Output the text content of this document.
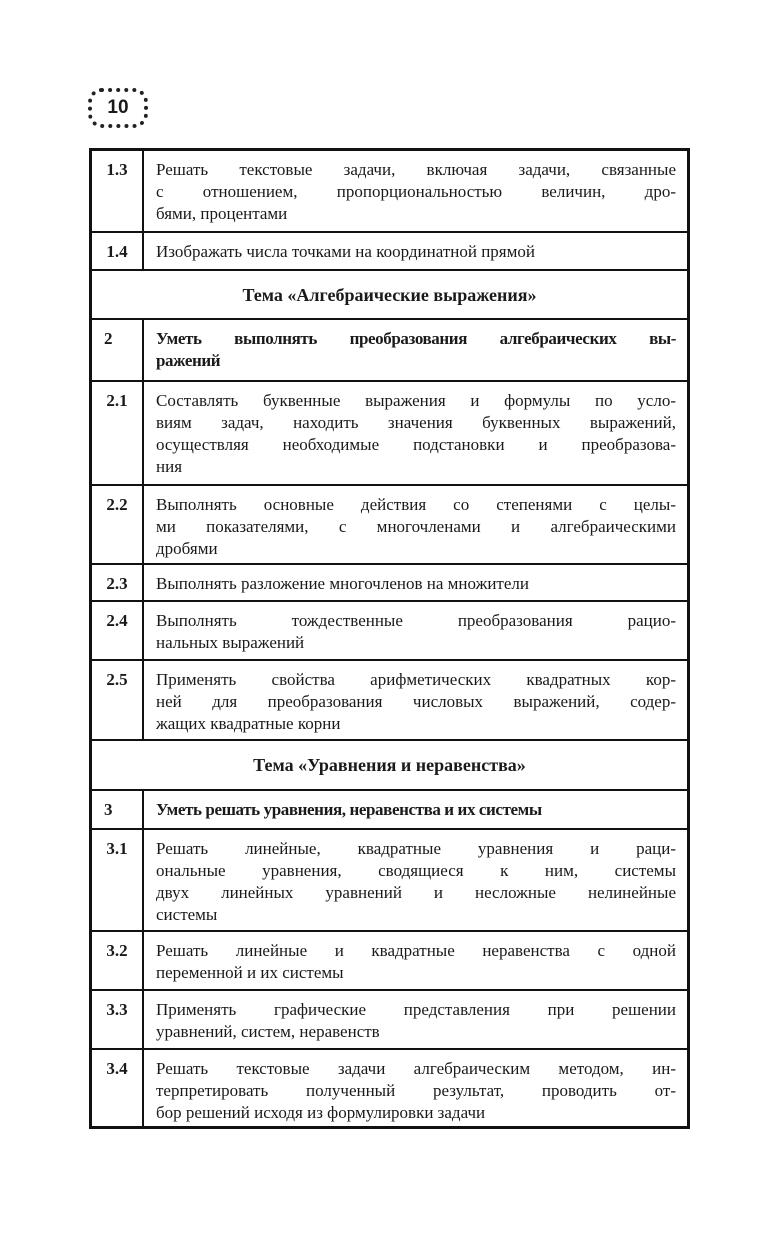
10
1.3	Решать текстовые задачи, включая задачи, связанные
с отношением, пропорциональностью величин, дро-
бями, процентами
1.4	Изображать числа точками на координатной прямой
Тема «Алгебраические выражения»
2	Уметь выполнять преобразования алгебраических вы-
ражений
2.1	Составлять буквенные выражения и формулы по усло-
виям задач, находить значения буквенных выражений,
осуществляя необходимые подстановки и преобразова-
ния
2.2	Выполнять основные действия со степенями с целы-
ми показателями, с многочленами и алгебраическими
дробями
2.3	Выполнять разложение многочленов на множители
2.4	Выполнять тождественные преобразования рацио-
нальных выражений
2.5	Применять свойства арифметических квадратных кор-
ней для преобразования числовых выражений, содер-
жащих квадратные корни
Тема «Уравнения и неравенства»
3	Уметь решать уравнения, неравенства и их системы
3.1	Решать линейные, квадратные уравнения и раци-
ональные уравнения, сводящиеся к ним, системы
двух линейных уравнений и несложные нелинейные
системы
3.2	Решать линейные и квадратные неравенства с одной
переменной и их системы
3.3	Применять графические представления при решении
уравнений, систем, неравенств
3.4	Решать текстовые задачи алгебраическим методом, ин-
терпретировать полученный результат, проводить от-
бор решений исходя из формулировки задачи
